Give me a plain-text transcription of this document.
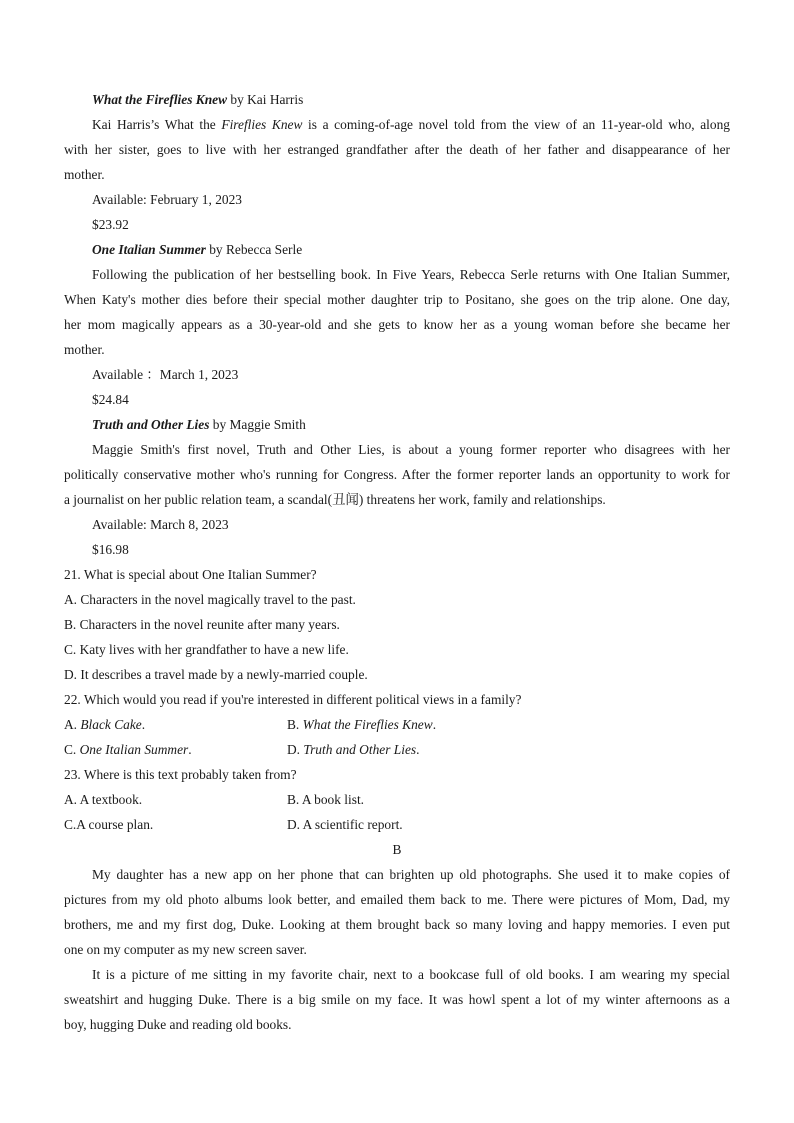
What the Fireflies Knew by Kai Harris
Kai Harris’s What the Fireflies Knew is a coming-of-age novel told from the view of an 11-year-old who, along
with her sister, goes to live with her estranged grandfather after the death of her father and disappearance of her
mother.
Available: February 1, 2023
$23.92
One Italian Summer by Rebecca Serle
Following the publication of her bestselling book. In Five Years, Rebecca Serle returns with One Italian Summer,
When Katy's mother dies before their special mother daughter trip to Positano, she goes on the trip alone. One day,
her mom magically appears as a 30-year-old and she gets to know her as a young woman before she became her
mother.
Available ：March 1, 2023
$24.84
Truth and Other Lies by Maggie Smith
Maggie Smith's first novel, Truth and Other Lies, is about a young former reporter who disagrees with her
politically conservative mother who's running for Congress. After the former reporter lands an opportunity to work for
a journalist on her public relation team, a scandal(丑闻) threatens her work, family and relationships.
Available: March 8, 2023
$16.98
21. What is special about One Italian Summer?
A. Characters in the novel magically travel to the past.
B. Characters in the novel reunite after many years.
C. Katy lives with her grandfather to have a new life.
D. It describes a travel made by a newly-married couple.
22. Which would you read if you're interested in different political views in a family?
A. Black Cake.	B. What the Fireflies Knew.
C. One Italian Summer.	D. Truth and Other Lies.
23. Where is this text probably taken from?
A. A textbook.	B. A book list.
C.A course plan.	D. A scientific report.
B
My daughter has a new app on her phone that can brighten up old photographs. She used it to make copies of
pictures from my old photo albums look better, and emailed them back to me. There were pictures of Mom, Dad, my
brothers, me and my first dog, Duke. Looking at them brought back so many loving and happy memories. I even put
one on my computer as my new screen saver.
It is a picture of me sitting in my favorite chair, next to a bookcase full of old books. I am wearing my special
sweatshirt and hugging Duke. There is a big smile on my face. It was howl spent a lot of my winter afternoons as a
boy, hugging Duke and reading old books.
